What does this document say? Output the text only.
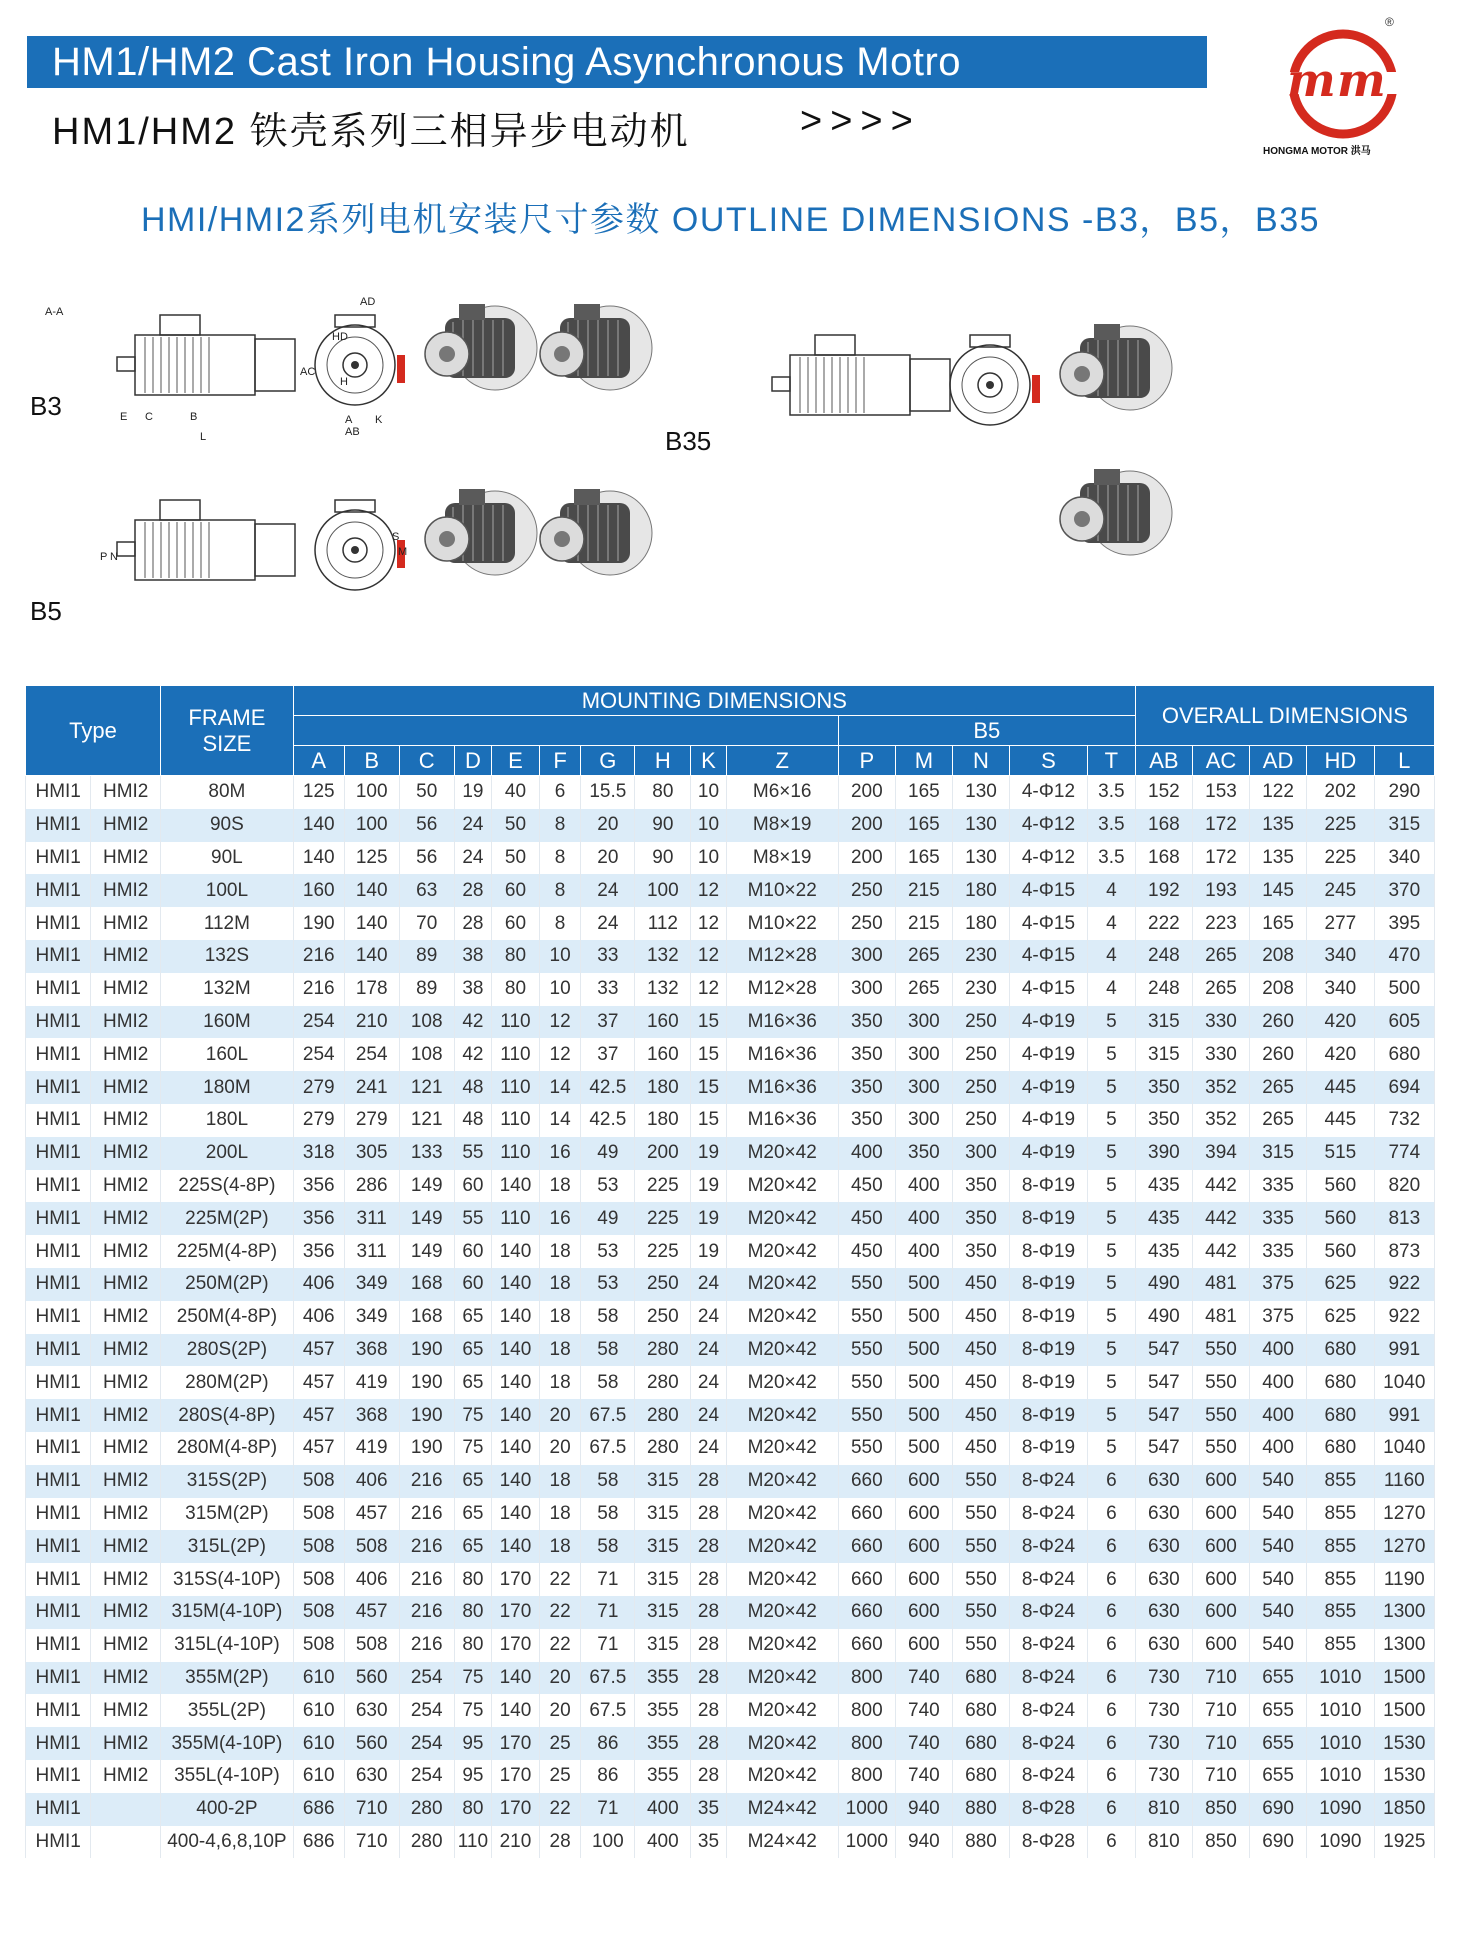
HM1/HM2 Cast Iron Housing Asynchronous Motro
HM1/HM2 铁壳系列三相异步电动机	>>>>
m m
®
HONGMA MOTOR 洪马
HMI/HMI2系列电机安装尺寸参数 OUTLINE DIMENSIONS -B3，B5，B35
B3
B35
B5
A-A
L	AB
A
AC
HD
AD
H
C
E	B	K
P N	M
S
Type		FRAME SIZE	MOUNTING DIMENSIONS															OVERALL DIMENSIONS				
													B5									
			A	B	C	D	E	F	G	H	K	Z	P	M	N	S	T	AB	AC	AD	HD	L
HMI1	HMI2	80M	125	100	50	19	40	6	15.5	80	10	M6×16	200	165	130	4-Φ12	3.5	152	153	122	202	290
HMI1	HMI2	90S	140	100	56	24	50	8	20	90	10	M8×19	200	165	130	4-Φ12	3.5	168	172	135	225	315
HMI1	HMI2	90L	140	125	56	24	50	8	20	90	10	M8×19	200	165	130	4-Φ12	3.5	168	172	135	225	340
HMI1	HMI2	100L	160	140	63	28	60	8	24	100	12	M10×22	250	215	180	4-Φ15	4	192	193	145	245	370
HMI1	HMI2	112M	190	140	70	28	60	8	24	112	12	M10×22	250	215	180	4-Φ15	4	222	223	165	277	395
HMI1	HMI2	132S	216	140	89	38	80	10	33	132	12	M12×28	300	265	230	4-Φ15	4	248	265	208	340	470
HMI1	HMI2	132M	216	178	89	38	80	10	33	132	12	M12×28	300	265	230	4-Φ15	4	248	265	208	340	500
HMI1	HMI2	160M	254	210	108	42	110	12	37	160	15	M16×36	350	300	250	4-Φ19	5	315	330	260	420	605
HMI1	HMI2	160L	254	254	108	42	110	12	37	160	15	M16×36	350	300	250	4-Φ19	5	315	330	260	420	680
HMI1	HMI2	180M	279	241	121	48	110	14	42.5	180	15	M16×36	350	300	250	4-Φ19	5	350	352	265	445	694
HMI1	HMI2	180L	279	279	121	48	110	14	42.5	180	15	M16×36	350	300	250	4-Φ19	5	350	352	265	445	732
HMI1	HMI2	200L	318	305	133	55	110	16	49	200	19	M20×42	400	350	300	4-Φ19	5	390	394	315	515	774
HMI1	HMI2	225S(4-8P)	356	286	149	60	140	18	53	225	19	M20×42	450	400	350	8-Φ19	5	435	442	335	560	820
HMI1	HMI2	225M(2P)	356	311	149	55	110	16	49	225	19	M20×42	450	400	350	8-Φ19	5	435	442	335	560	813
HMI1	HMI2	225M(4-8P)	356	311	149	60	140	18	53	225	19	M20×42	450	400	350	8-Φ19	5	435	442	335	560	873
HMI1	HMI2	250M(2P)	406	349	168	60	140	18	53	250	24	M20×42	550	500	450	8-Φ19	5	490	481	375	625	922
HMI1	HMI2	250M(4-8P)	406	349	168	65	140	18	58	250	24	M20×42	550	500	450	8-Φ19	5	490	481	375	625	922
HMI1	HMI2	280S(2P)	457	368	190	65	140	18	58	280	24	M20×42	550	500	450	8-Φ19	5	547	550	400	680	991
HMI1	HMI2	280M(2P)	457	419	190	65	140	18	58	280	24	M20×42	550	500	450	8-Φ19	5	547	550	400	680	1040
HMI1	HMI2	280S(4-8P)	457	368	190	75	140	20	67.5	280	24	M20×42	550	500	450	8-Φ19	5	547	550	400	680	991
HMI1	HMI2	280M(4-8P)	457	419	190	75	140	20	67.5	280	24	M20×42	550	500	450	8-Φ19	5	547	550	400	680	1040
HMI1	HMI2	315S(2P)	508	406	216	65	140	18	58	315	28	M20×42	660	600	550	8-Φ24	6	630	600	540	855	1160
HMI1	HMI2	315M(2P)	508	457	216	65	140	18	58	315	28	M20×42	660	600	550	8-Φ24	6	630	600	540	855	1270
HMI1	HMI2	315L(2P)	508	508	216	65	140	18	58	315	28	M20×42	660	600	550	8-Φ24	6	630	600	540	855	1270
HMI1	HMI2	315S(4-10P)	508	406	216	80	170	22	71	315	28	M20×42	660	600	550	8-Φ24	6	630	600	540	855	1190
HMI1	HMI2	315M(4-10P)	508	457	216	80	170	22	71	315	28	M20×42	660	600	550	8-Φ24	6	630	600	540	855	1300
HMI1	HMI2	315L(4-10P)	508	508	216	80	170	22	71	315	28	M20×42	660	600	550	8-Φ24	6	630	600	540	855	1300
HMI1	HMI2	355M(2P)	610	560	254	75	140	20	67.5	355	28	M20×42	800	740	680	8-Φ24	6	730	710	655	1010	1500
HMI1	HMI2	355L(2P)	610	630	254	75	140	20	67.5	355	28	M20×42	800	740	680	8-Φ24	6	730	710	655	1010	1500
HMI1	HMI2	355M(4-10P)	610	560	254	95	170	25	86	355	28	M20×42	800	740	680	8-Φ24	6	730	710	655	1010	1530
HMI1	HMI2	355L(4-10P)	610	630	254	95	170	25	86	355	28	M20×42	800	740	680	8-Φ24	6	730	710	655	1010	1530
HMI1		400-2P	686	710	280	80	170	22	71	400	35	M24×42	1000	940	880	8-Φ28	6	810	850	690	1090	1850
HMI1		400-4,6,8,10P	686	710	280	110	210	28	100	400	35	M24×42	1000	940	880	8-Φ28	6	810	850	690	1090	1925
